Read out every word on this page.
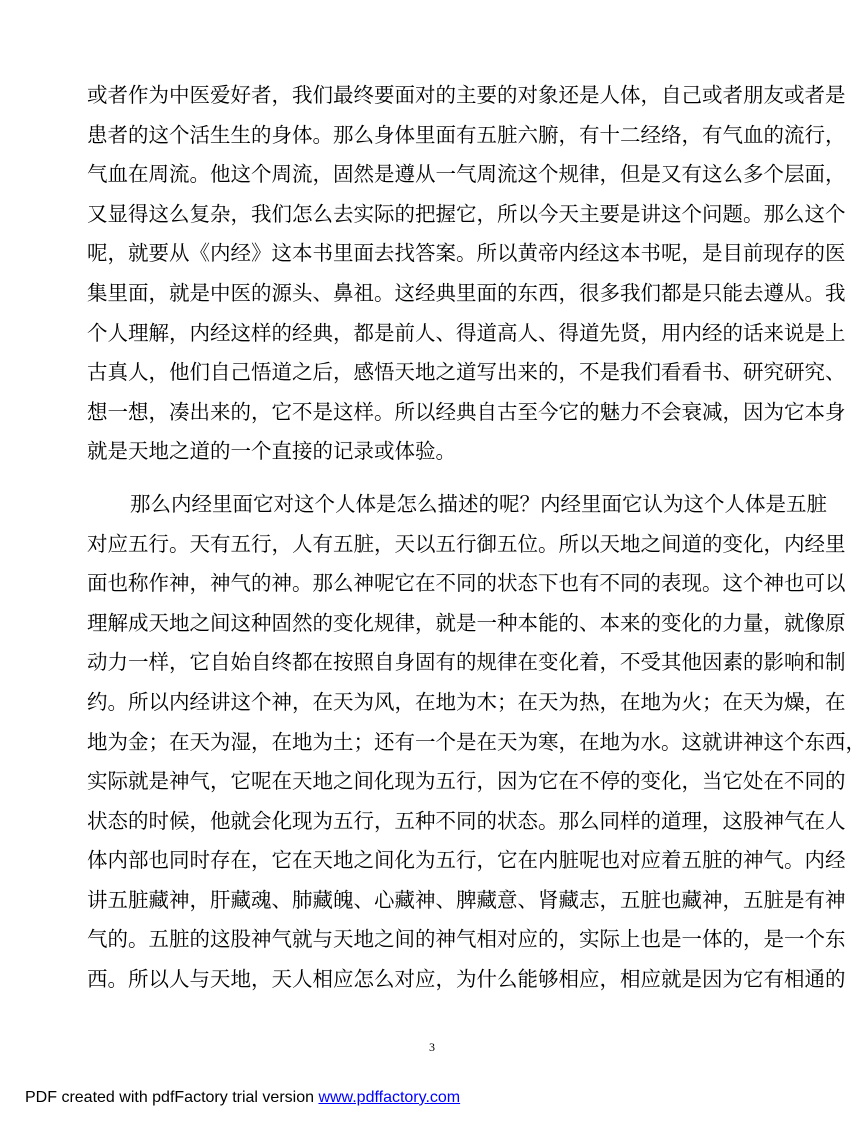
或者作为中医爱好者，我们最终要面对的主要的对象还是人体，自己或者朋友或者是
患者的这个活生生的身体。那么身体里面有五脏六腑，有十二经络，有气血的流行，
气血在周流。他这个周流，固然是遵从一气周流这个规律，但是又有这么多个层面，
又显得这么复杂，我们怎么去实际的把握它，所以今天主要是讲这个问题。那么这个
呢，就要从《内经》这本书里面去找答案。所以黄帝内经这本书呢，是目前现存的医
集里面，就是中医的源头、鼻祖。这经典里面的东西，很多我们都是只能去遵从。我
个人理解，内经这样的经典，都是前人、得道高人、得道先贤，用内经的话来说是上
古真人，他们自己悟道之后，感悟天地之道写出来的，不是我们看看书、研究研究、
想一想，凑出来的，它不是这样。所以经典自古至今它的魅力不会衰减，因为它本身
就是天地之道的一个直接的记录或体验。
那么内经里面它对这个人体是怎么描述的呢？内经里面它认为这个人体是五脏
对应五行。天有五行，人有五脏，天以五行御五位。所以天地之间道的变化，内经里
面也称作神，神气的神。那么神呢它在不同的状态下也有不同的表现。这个神也可以
理解成天地之间这种固然的变化规律，就是一种本能的、本来的变化的力量，就像原
动力一样，它自始自终都在按照自身固有的规律在变化着，不受其他因素的影响和制
约。所以内经讲这个神，在天为风，在地为木；在天为热，在地为火；在天为燥，在
地为金；在天为湿，在地为土；还有一个是在天为寒，在地为水。这就讲神这个东西，
实际就是神气，它呢在天地之间化现为五行，因为它在不停的变化，当它处在不同的
状态的时候，他就会化现为五行，五种不同的状态。那么同样的道理，这股神气在人
体内部也同时存在，它在天地之间化为五行，它在内脏呢也对应着五脏的神气。内经
讲五脏藏神，肝藏魂、肺藏魄、心藏神、脾藏意、肾藏志，五脏也藏神，五脏是有神
气的。五脏的这股神气就与天地之间的神气相对应的，实际上也是一体的，是一个东
西。所以人与天地，天人相应怎么对应，为什么能够相应，相应就是因为它有相通的
3
PDF created with pdfFactory trial version www.pdffactory.com
